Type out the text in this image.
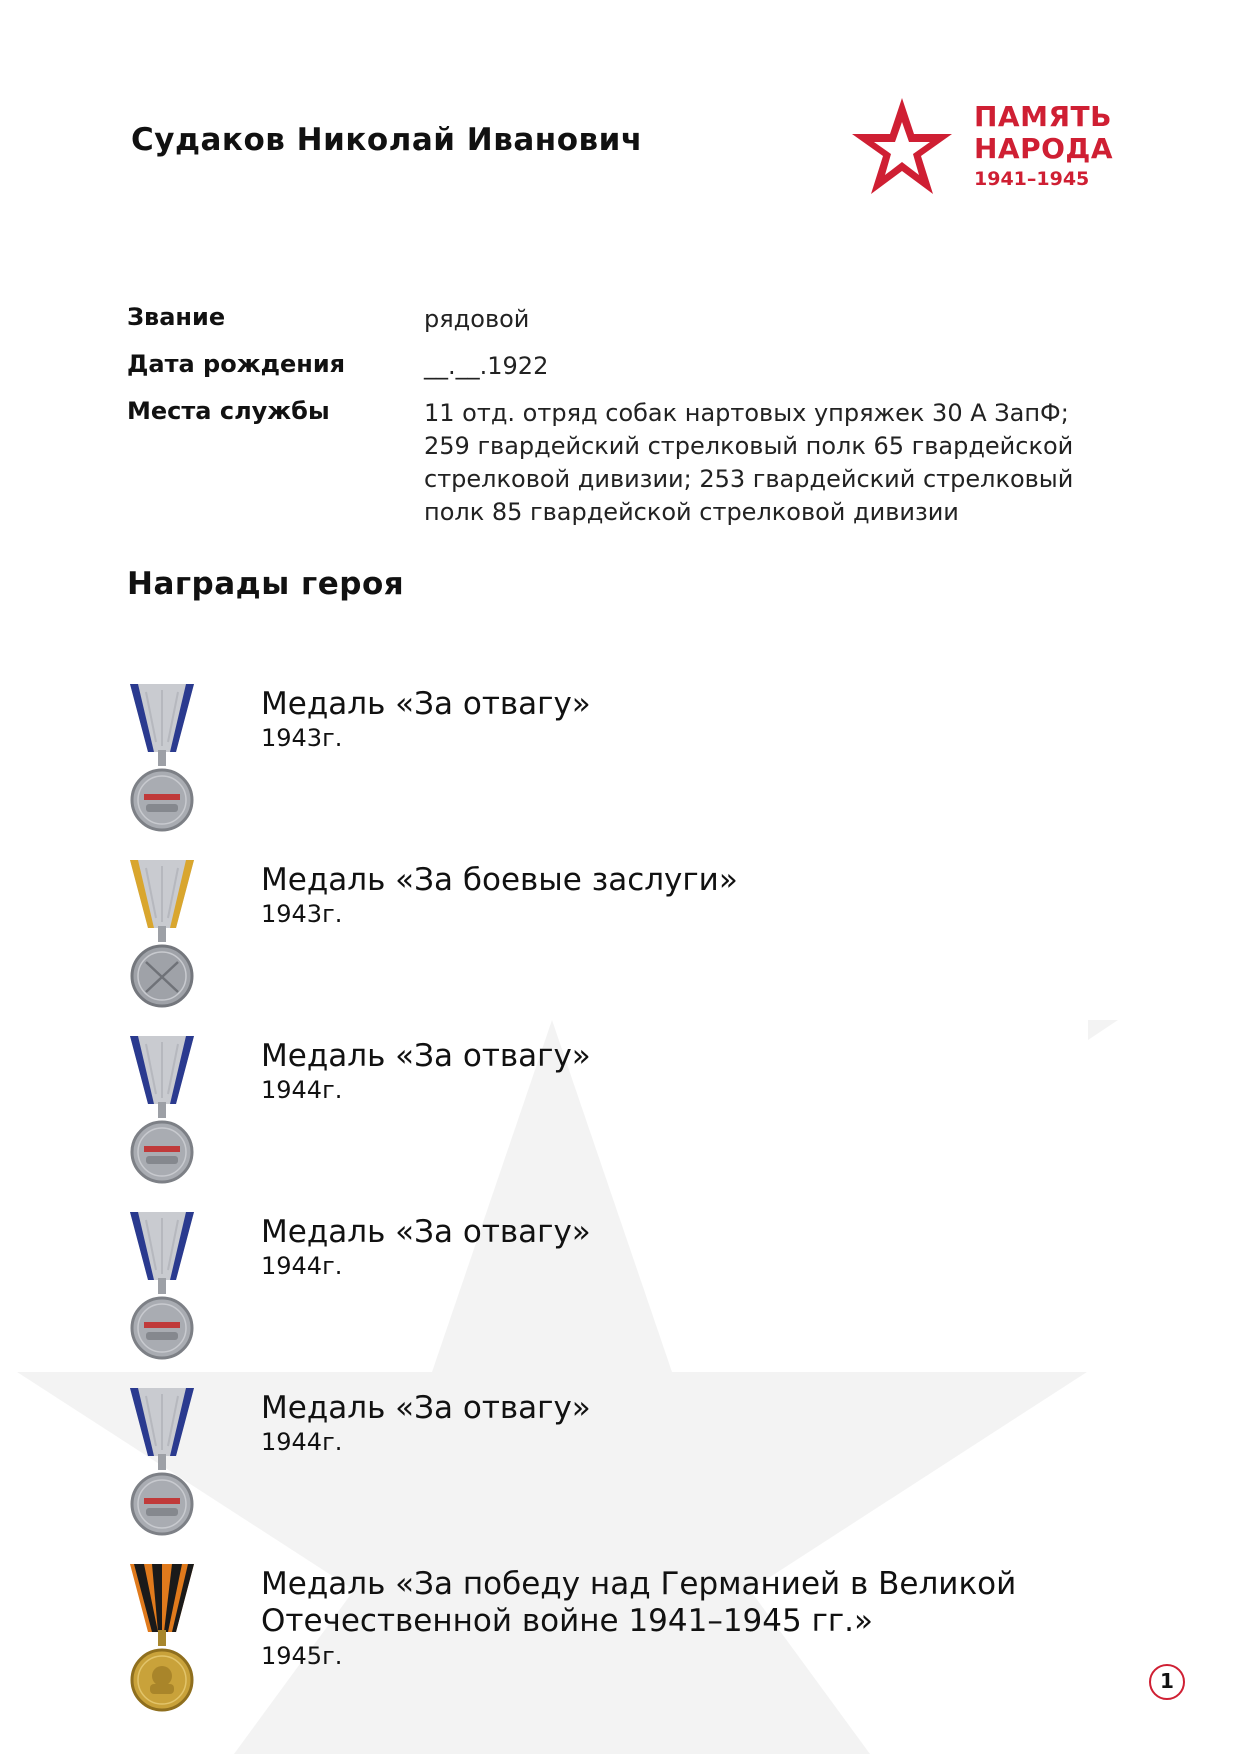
Судаков Николай Иванович
ПАМЯТЬ
НАРОДА
1941–1945
Звание	рядовой
Дата рождения	__.__.1922
Места службы	11 отд. отряд собак нартовых упряжек 30 А ЗапФ; 259 гвардейский стрелковый полк 65 гвардейской стрелковой дивизии; 253 гвардейский стрелковый полк 85 гвардейской стрелковой дивизии
Награды героя
Медаль «За отвагу»
1943г.
Медаль «За боевые заслуги»
1943г.
Медаль «За отвагу»
1944г.
Медаль «За отвагу»
1944г.
Медаль «За отвагу»
1944г.
Медаль «За победу над Германией в Великой Отечественной войне 1941–1945 гг.»
1945г.
1
